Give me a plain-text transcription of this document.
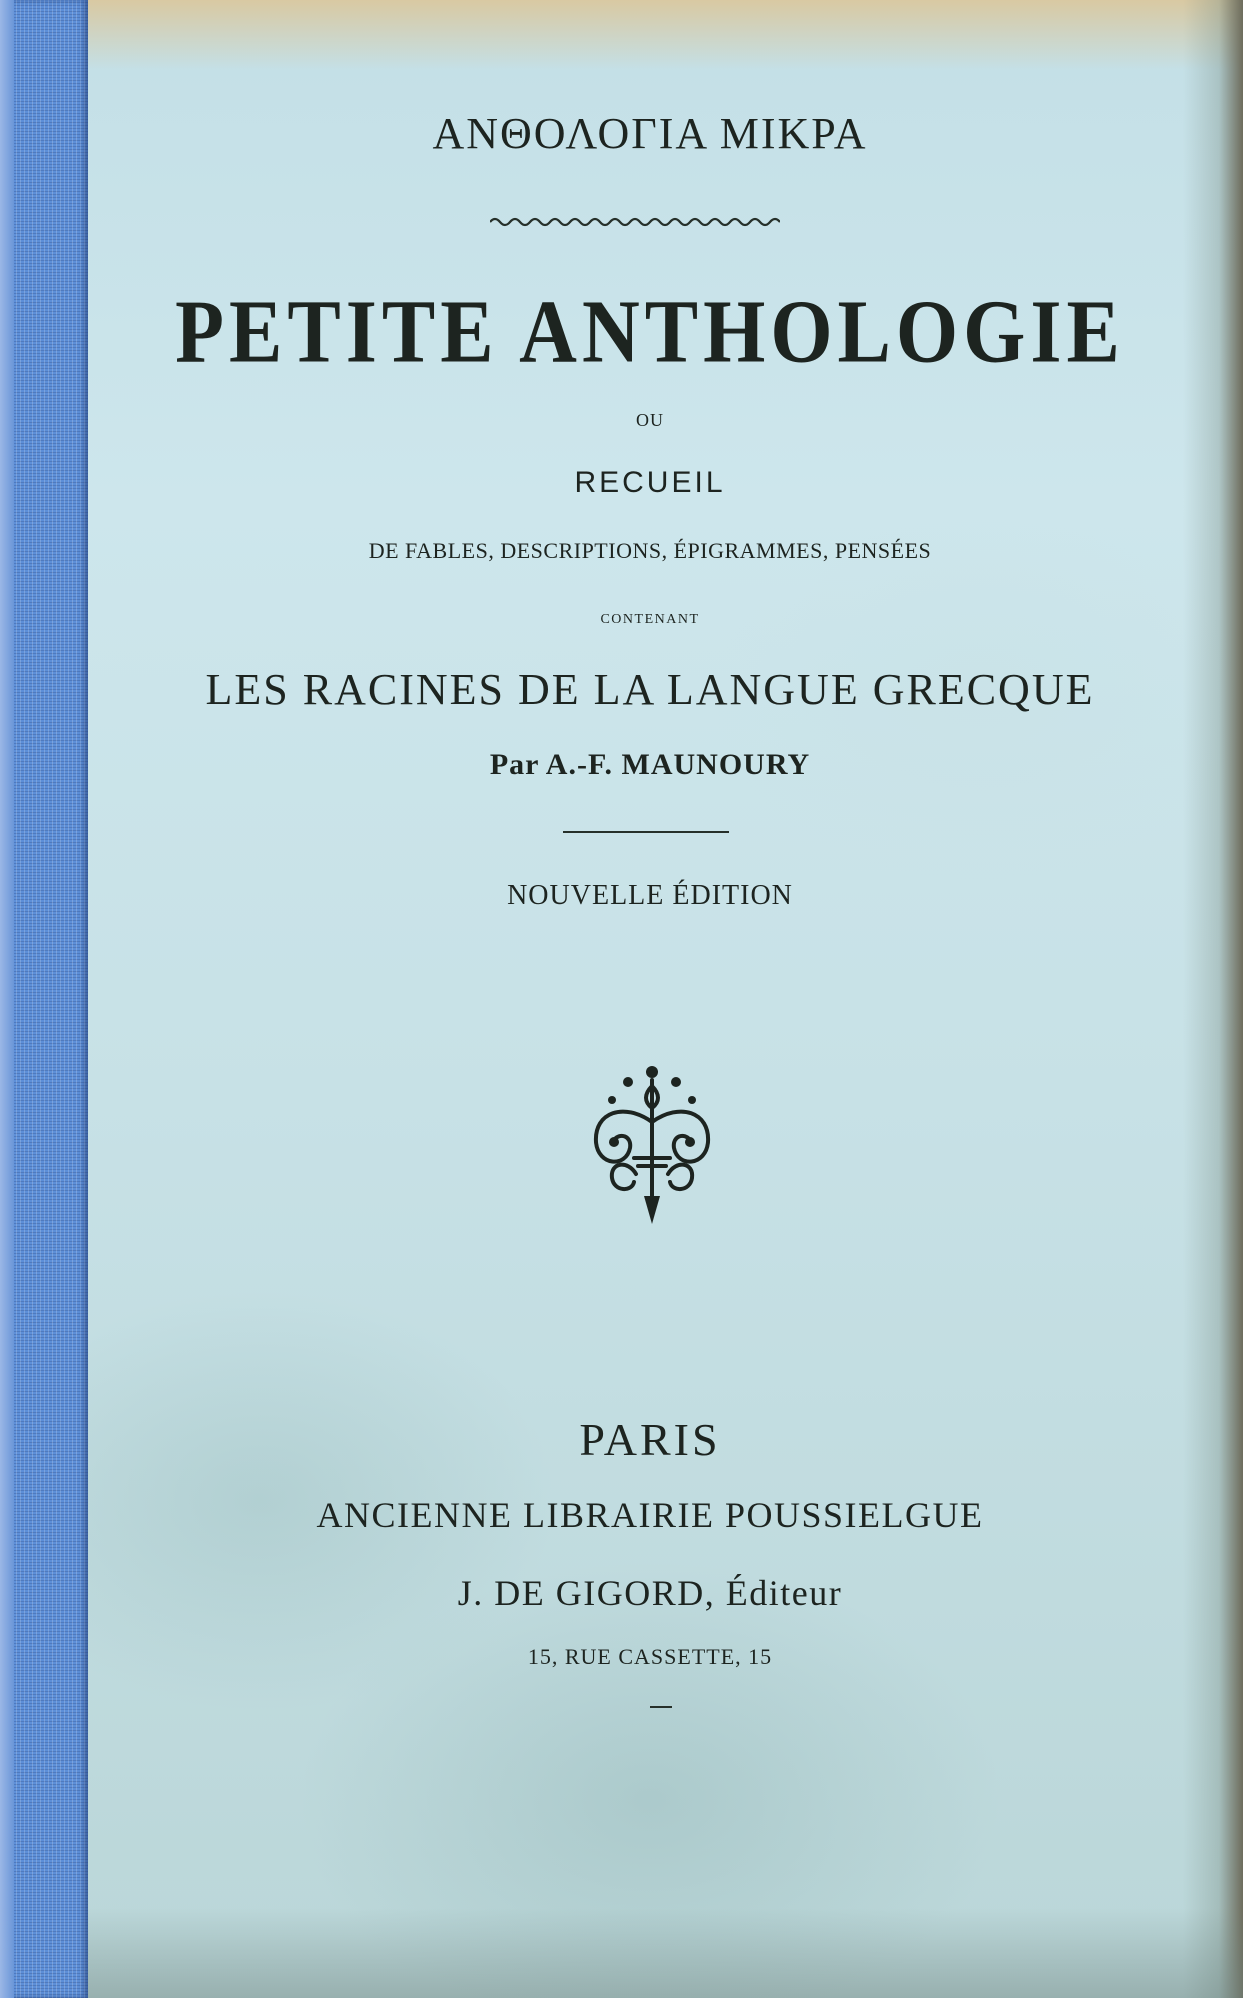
ΑΝΘΟΛΟΓΙΑ ΜΙΚΡΑ
PETITE ANTHOLOGIE
OU
RECUEIL
DE FABLES, DESCRIPTIONS, ÉPIGRAMMES, PENSÉES
CONTENANT
LES RACINES DE LA LANGUE GRECQUE
Par A.-F. MAUNOURY
NOUVELLE ÉDITION
PARIS
ANCIENNE LIBRAIRIE POUSSIELGUE
J. DE GIGORD, Éditeur
15, RUE CASSETTE, 15
